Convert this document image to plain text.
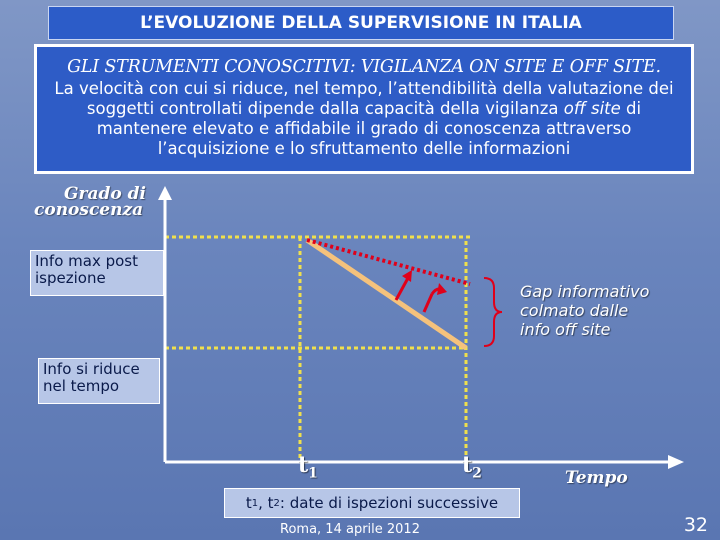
L’EVOLUZIONE DELLA SUPERVISIONE IN ITALIA
GLI STRUMENTI CONOSCITIVI: VIGILANZA ON SITE E OFF SITE.
La velocità con cui si riduce, nel tempo, l’attendibilità della valutazione dei soggetti controllati dipende dalla capacità della vigilanza off site di mantenere elevato e affidabile il grado di conoscenza attraverso l’acquisizione e lo sfruttamento delle informazioni
Grado di
conoscenza
Info max post
ispezione
Info si riduce
nel tempo
Gap informativo
colmato dalle
info off site
$t_1$	$t_2$	Tempo
t 1 , t 2 : date di ispezioni successive
Roma, 14 aprile 2012	32
